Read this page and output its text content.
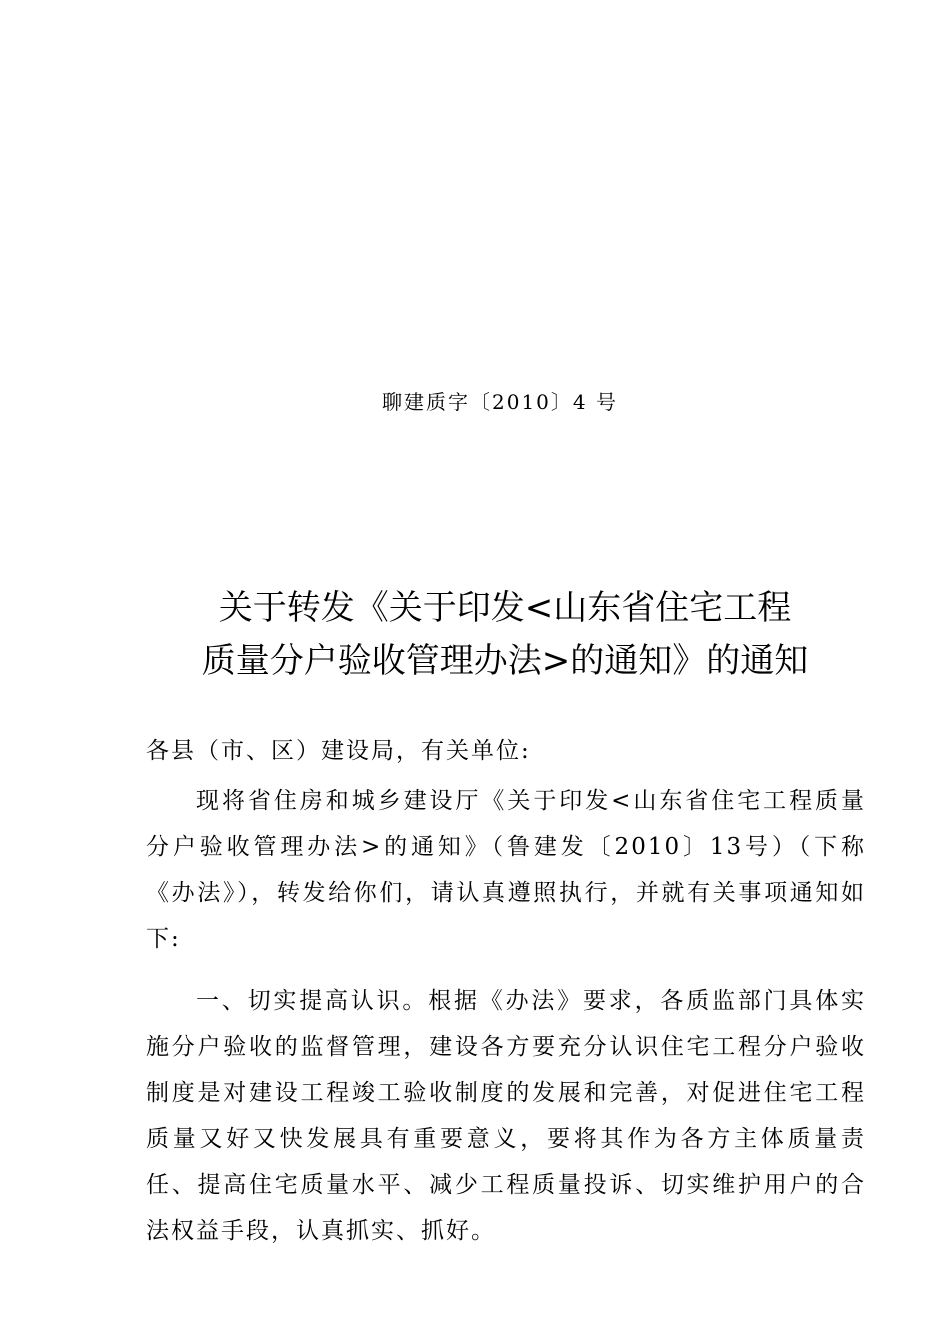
聊建质字〔2010〕4 号
关于转发《关于印发<山东省住宅工程
质量分户验收管理办法>的通知》的通知
各县（市、区）建设局，有关单位:

现将省住房和城乡建设厅《关于印发<山东省住宅工程质量分户验收管理办法>的通知》（鲁建发〔2010〕13号）（下称《办法》），转发给你们，请认真遵照执行，并就有关事项通知如下:

一、切实提高认识。根据《办法》要求，各质监部门具体实施分户验收的监督管理，建设各方要充分认识住宅工程分户验收制度是对建设工程竣工验收制度的发展和完善，对促进住宅工程质量又好又快发展具有重要意义，要将其作为各方主体质量责任、提高住宅质量水平、减少工程质量投诉、切实维护用户的合法权益手段，认真抓实、抓好。
